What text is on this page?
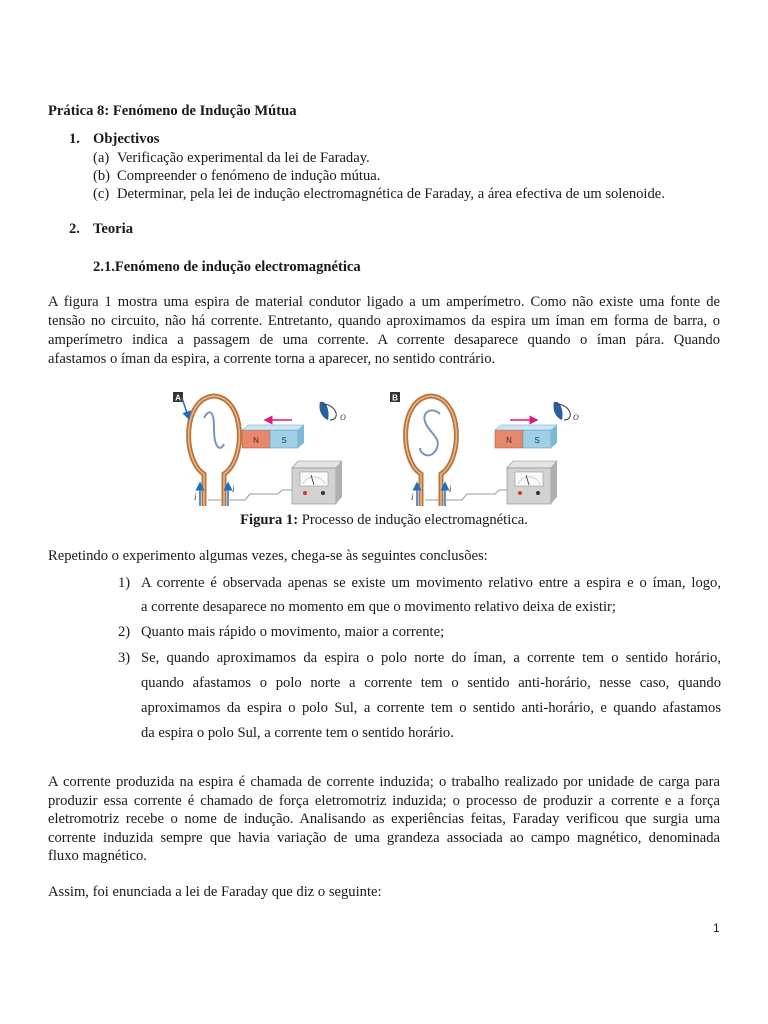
Prática 8: Fenómeno de Indução Mútua
1. Objectivos
(a) Verificação experimental da lei de Faraday.
(b) Compreender o fenómeno de indução mútua.
(c) Determinar, pela lei de indução electromagnética de Faraday, a área efectiva de um solenoide.
2. Teoria
2.1.Fenómeno de indução electromagnética
A figura 1 mostra uma espira de material condutor ligado a um amperímetro. Como não existe uma fonte de
tensão no circuito, não há corrente. Entretanto, quando aproximamos da espira um íman em forma de barra, o
amperímetro indica a passagem de uma corrente. A corrente desaparece quando o íman pára. Quando
afastamos o íman da espira, a corrente torna a aparecer, no sentido contrário.
A
i
i
N	S
O
B
i
i
N	S
O
Figura 1: Processo de indução electromagnética.
Repetindo o experimento algumas vezes, chega-se às seguintes conclusões:
1) A corrente é observada apenas se existe um movimento relativo entre a espira e o íman, logo,
a corrente desaparece no momento em que o movimento relativo deixa de existir;
2) Quanto mais rápido o movimento, maior a corrente;
3) Se, quando aproximamos da espira o polo norte do íman, a corrente tem o sentido horário,
quando afastamos o polo norte a corrente tem o sentido anti-horário, nesse caso, quando
aproximamos da espira o polo Sul, a corrente tem o sentido anti-horário, e quando afastamos
da espira o polo Sul, a corrente tem o sentido horário.
A corrente produzida na espira é chamada de corrente induzida; o trabalho realizado por unidade de carga para
produzir essa corrente é chamado de força eletromotriz induzida; o processo de produzir a corrente e a força
eletromotriz recebe o nome de indução. Analisando as experiências feitas, Faraday verificou que surgia uma
corrente induzida sempre que havia variação de uma grandeza associada ao campo magnético, denominada
fluxo magnético.
Assim, foi enunciada a lei de Faraday que diz o seguinte:
1
